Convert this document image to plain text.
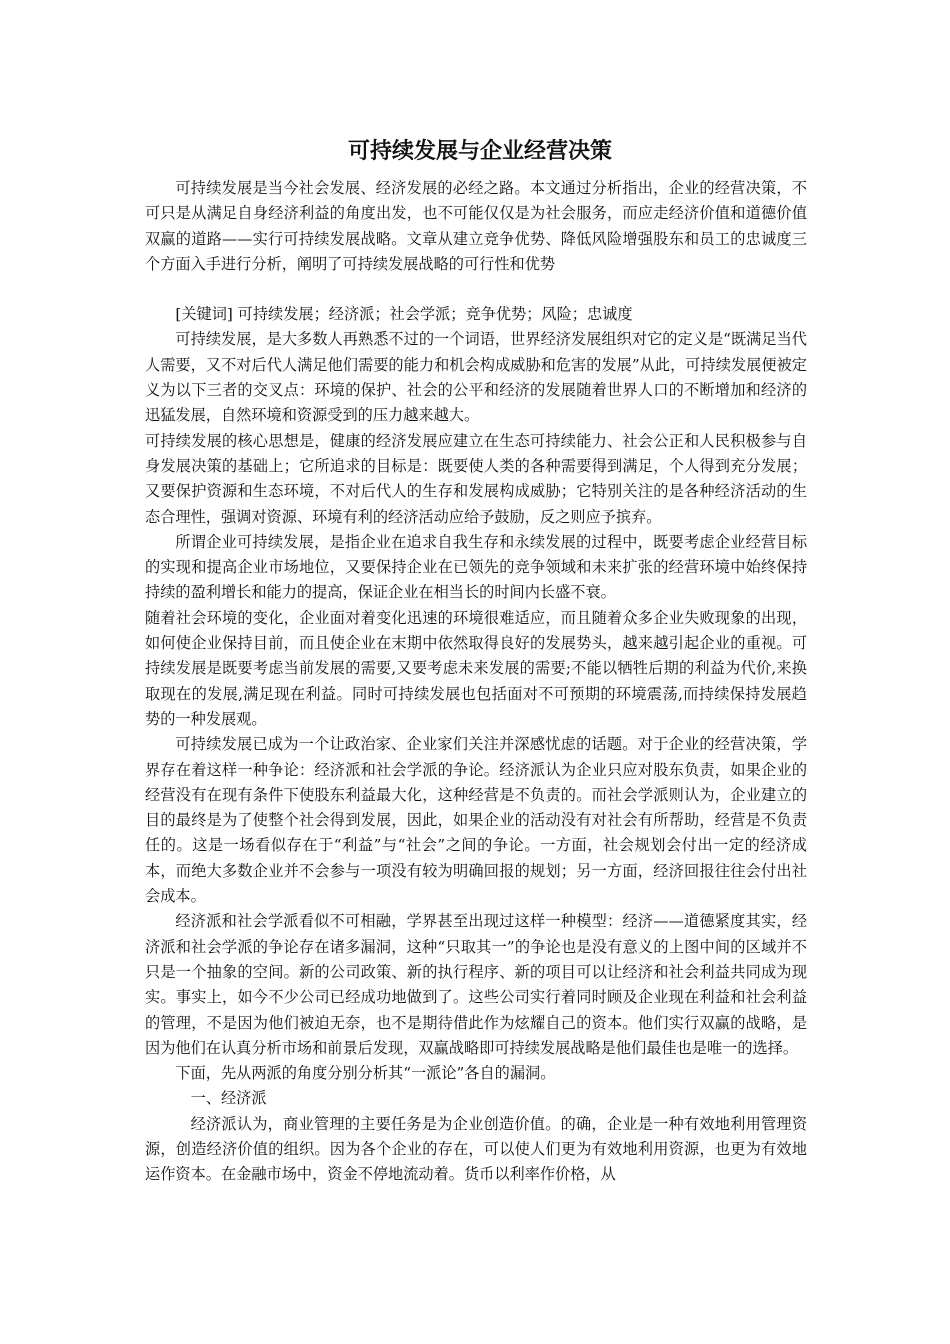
可持续发展与企业经营决策

可持续发展是当今社会发展、经济发展的必经之路。本文通过分析指出，企业的经营决策，不可只是从满足自身经济利益的角度出发，也不可能仅仅是为社会服务，而应走经济价值和道德价值双赢的道路——实行可持续发展战略。文章从建立竞争优势、降低风险增强股东和员工的忠诚度三个方面入手进行分析，阐明了可持续发展战略的可行性和优势

[关键词] 可持续发展；经济派；社会学派；竞争优势；风险；忠诚度

可持续发展，是大多数人再熟悉不过的一个词语，世界经济发展组织对它的定义是“既满足当代人需要，又不对后代人满足他们需要的能力和机会构成威胁和危害的发展”从此，可持续发展便被定义为以下三者的交叉点：环境的保护、社会的公平和经济的发展随着世界人口的不断增加和经济的迅猛发展，自然环境和资源受到的压力越来越大。

可持续发展的核心思想是，健康的经济发展应建立在生态可持续能力、社会公正和人民积极参与自身发展决策的基础上；它所追求的目标是：既要使人类的各种需要得到满足，个人得到充分发展；又要保护资源和生态环境，不对后代人的生存和发展构成威胁；它特别关注的是各种经济活动的生态合理性，强调对资源、环境有利的经济活动应给予鼓励，反之则应予摈弃。

所谓企业可持续发展，是指企业在追求自我生存和永续发展的过程中，既要考虑企业经营目标的实现和提高企业市场地位，又要保持企业在已领先的竞争领域和未来扩张的经营环境中始终保持持续的盈利增长和能力的提高，保证企业在相当长的时间内长盛不衰。

随着社会环境的变化，企业面对着变化迅速的环境很难适应，而且随着众多企业失败现象的出现，如何使企业保持目前，而且使企业在末期中依然取得良好的发展势头，越来越引起企业的重视。可持续发展是既要考虑当前发展的需要,又要考虑未来发展的需要;不能以牺牲后期的利益为代价,来换取现在的发展,满足现在利益。同时可持续发展也包括面对不可预期的环境震荡,而持续保持发展趋势的一种发展观。

可持续发展已成为一个让政治家、企业家们关注并深感忧虑的话题。对于企业的经营决策，学界存在着这样一种争论：经济派和社会学派的争论。经济派认为企业只应对股东负责，如果企业的经营没有在现有条件下使股东利益最大化，这种经营是不负责的。而社会学派则认为，企业建立的目的最终是为了使整个社会得到发展，因此，如果企业的活动没有对社会有所帮助，经营是不负责任的。这是一场看似存在于“利益”与“社会”之间的争论。一方面，社会规划会付出一定的经济成本，而绝大多数企业并不会参与一项没有较为明确回报的规划；另一方面，经济回报往往会付出社会成本。

经济派和社会学派看似不可相融，学界甚至出现过这样一种模型：经济——道德紧度其实，经济派和社会学派的争论存在诸多漏洞，这种“只取其一”的争论也是没有意义的上图中间的区域并不只是一个抽象的空间。新的公司政策、新的执行程序、新的项目可以让经济和社会利益共同成为现实。事实上，如今不少公司已经成功地做到了。这些公司实行着同时顾及企业现在利益和社会利益的管理，不是因为他们被迫无奈，也不是期待借此作为炫耀自己的资本。他们实行双赢的战略，是因为他们在认真分析市场和前景后发现，双赢战略即可持续发展战略是他们最佳也是唯一的选择。

下面，先从两派的角度分别分析其“一派论”各自的漏洞。

一、经济派

经济派认为，商业管理的主要任务是为企业创造价值。的确，企业是一种有效地利用管理资源，创造经济价值的组织。因为各个企业的存在，可以使人们更为有效地利用资源，也更为有效地运作资本。在金融市场中，资金不停地流动着。货币以利率作价格，从
